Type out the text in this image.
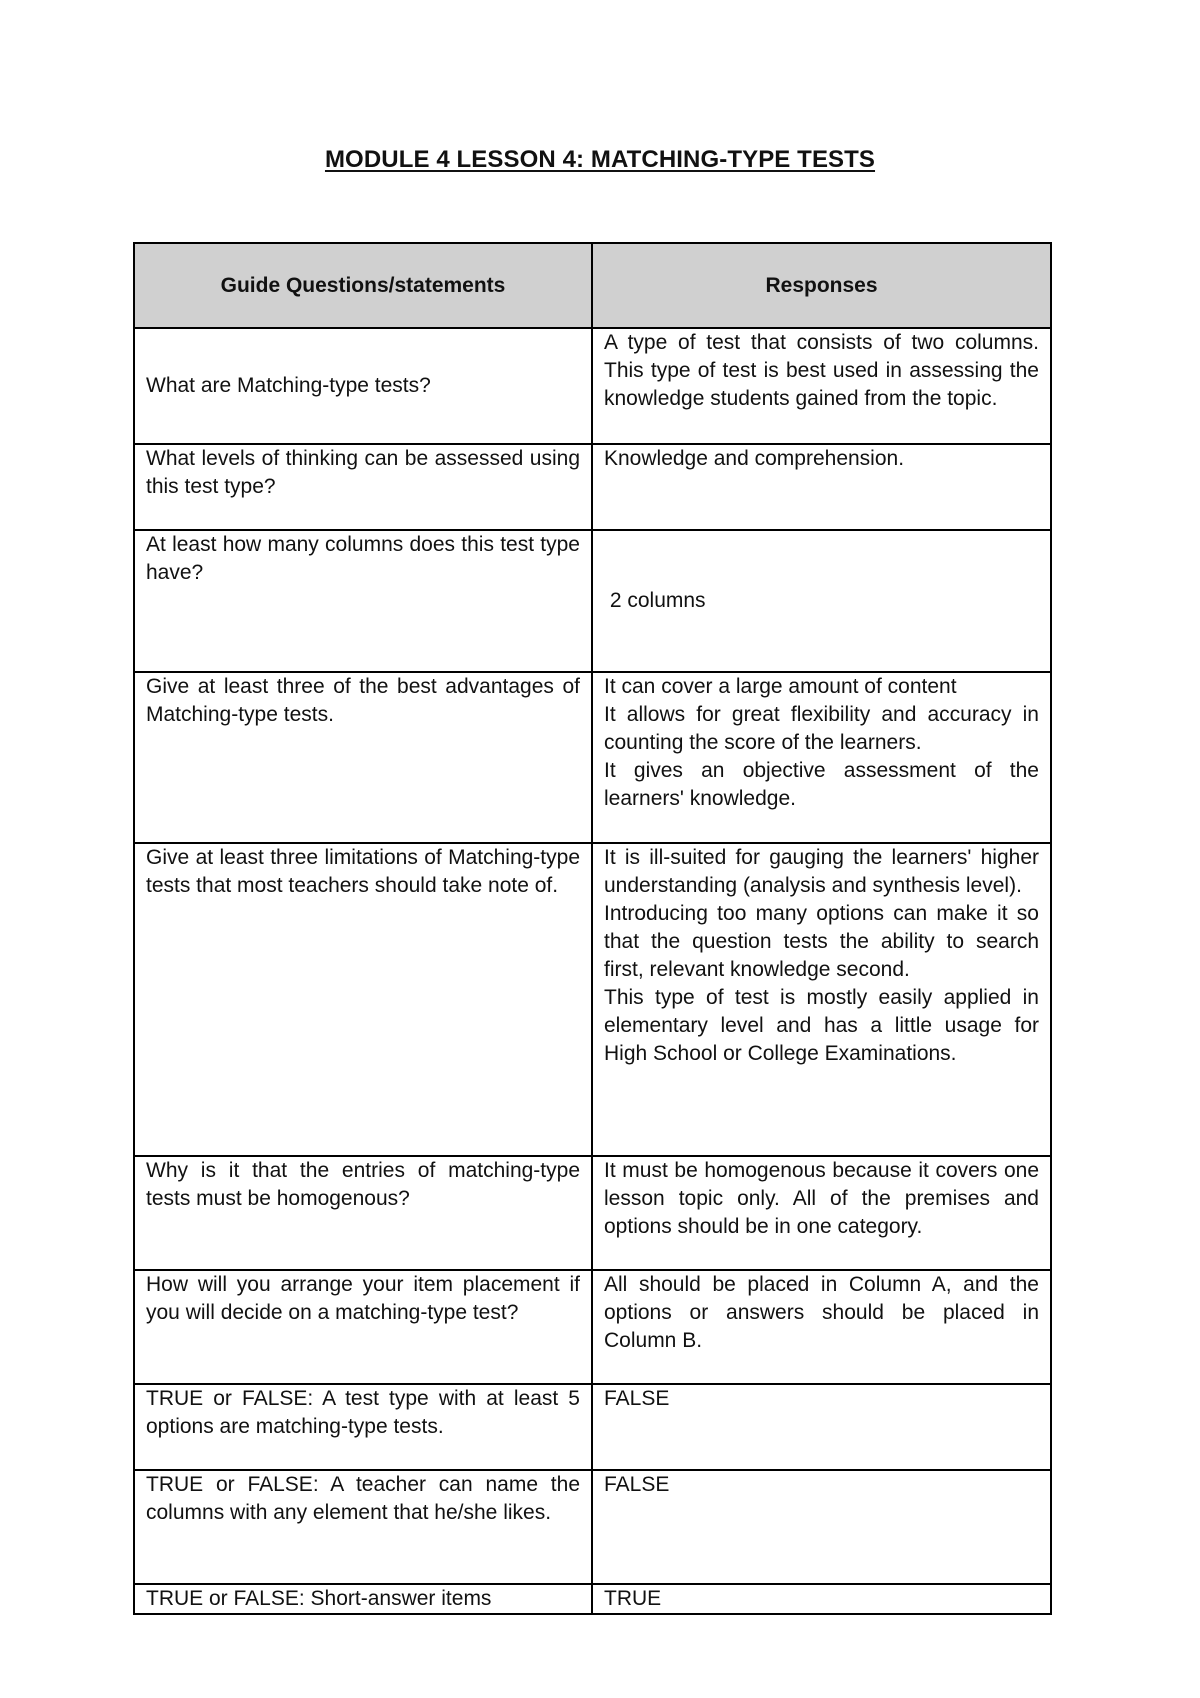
MODULE 4 LESSON 4: MATCHING-TYPE TESTS
Guide Questions/statements	Responses
What are Matching-type tests?	A type of test that consists of two columns. This type of test is best used in assessing the knowledge students gained from the topic.

What levels of thinking can be assessed using this test type?	Knowledge and comprehension.

At least how many columns does this test type have?	2 columns

Give at least three of the best advantages of Matching-type tests.	It can cover a large amount of content
It allows for great flexibility and accuracy in counting the score of the learners.
It gives an objective assessment of the learners' knowledge.

Give at least three limitations of Matching-type tests that most teachers should take note of.	It is ill-suited for gauging the learners' higher understanding (analysis and synthesis level).
Introducing too many options can make it so that the question tests the ability to search first, relevant knowledge second.
This type of test is mostly easily applied in elementary level and has a little usage for High School or College Examinations.

Why is it that the entries of matching-type tests must be homogenous?	It must be homogenous because it covers one lesson topic only. All of the premises and options should be in one category.

How will you arrange your item placement if you will decide on a matching-type test?	All should be placed in Column A, and the options or answers should be placed in Column B.

TRUE or FALSE: A test type with at least 5 options are matching-type tests.	FALSE

TRUE or FALSE: A teacher can name the columns with any element that he/she likes.	FALSE

TRUE or FALSE: Short-answer items	TRUE
